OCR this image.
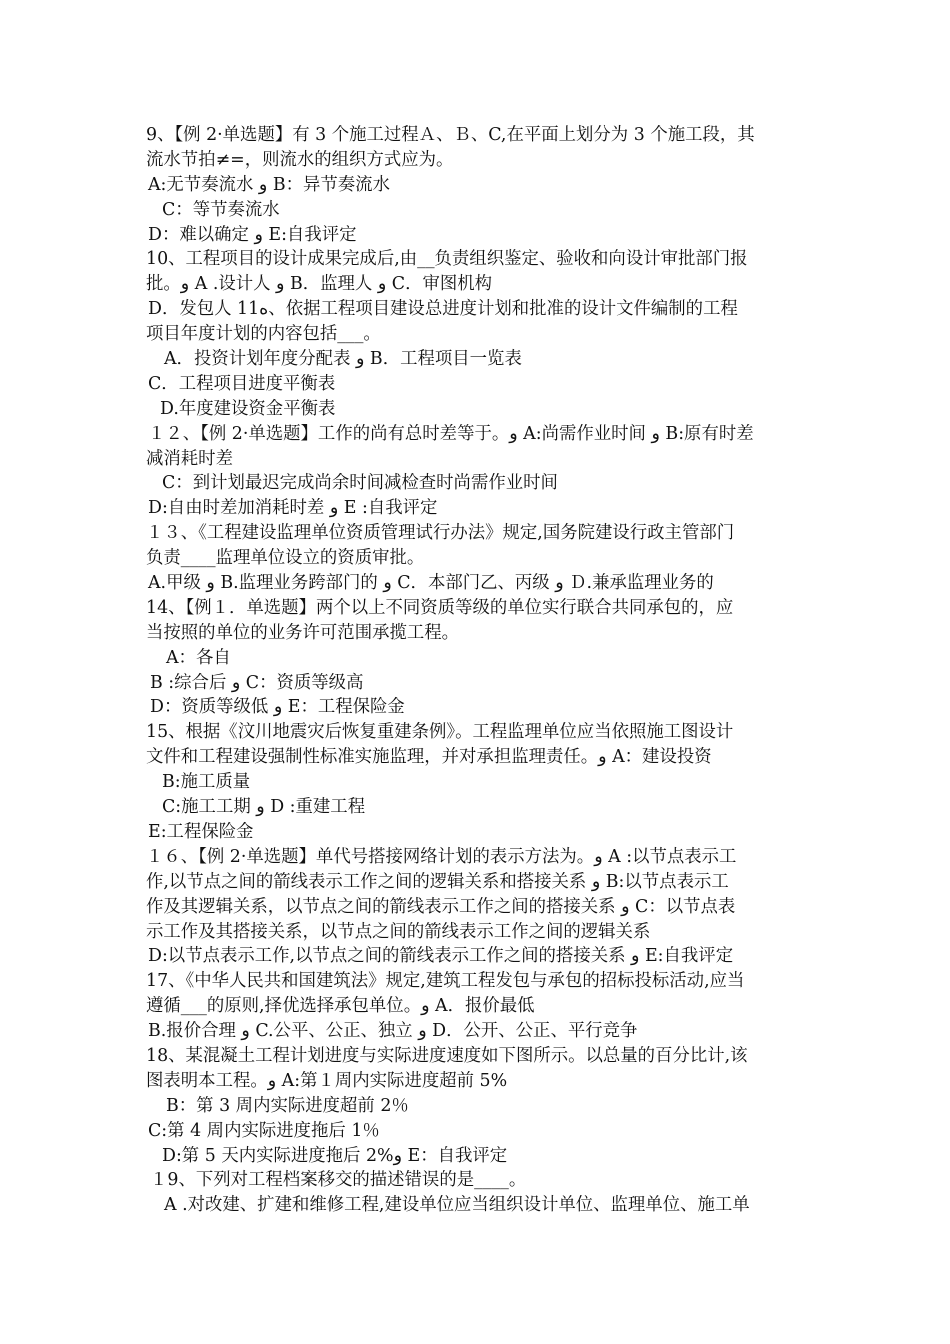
9、【例 2·单选题】有 3 个施工过程Ａ、Ｂ、C,在平面上划分为 3 个施工段，其
流水节拍≠=，则流水的组织方式应为。
A:无节奏流水 و B：异节奏流水
C：等节奏流水
D：难以确定 و E:自我评定
10、工程项目的设计成果完成后,由__负责组织鉴定、验收和向设计审批部门报
批。و A .设计人 و B．监理人 و C．审图机构
D．发包人 11ه、依据工程项目建设总进度计划和批准的设计文件编制的工程
项目年度计划的内容包括___。
A．投资计划年度分配表 و B．工程项目一览表
C．工程项目进度平衡表
D.年度建设资金平衡表
１２、【例 2·单选题】工作的尚有总时差等于。و A:尚需作业时间 و B:原有时差
减消耗时差
C：到计划最迟完成尚余时间减检查时尚需作业时间
D:自由时差加消耗时差 و E :自我评定
１３、《工程建设监理单位资质管理试行办法》规定,国务院建设行政主管部门
负责____监理单位设立的资质审批。
A.甲级 و B.监理业务跨部门的 و C．本部门乙、丙级 و Ｄ.兼承监理业务的
14、【例１．单选题】两个以上不同资质等级的单位实行联合共同承包的，应
当按照的单位的业务许可范围承揽工程。
A：各自
B :综合后 و C：资质等级高
D：资质等级低 و E：工程保险金
15、根据《汶川地震灾后恢复重建条例》。工程监理单位应当依照施工图设计
文件和工程建设强制性标准实施监理，并对承担监理责任。و A：建设投资
B:施工质量
C:施工工期 و D :重建工程
E:工程保险金
１６、【例 2·单选题】单代号搭接网络计划的表示方法为。و A :以节点表示工
作,以节点之间的箭线表示工作之间的逻辑关系和搭接关系 و B:以节点表示工
作及其逻辑关系，以节点之间的箭线表示工作之间的搭接关系 و C：以节点表
示工作及其搭接关系，以节点之间的箭线表示工作之间的逻辑关系
D:以节点表示工作,以节点之间的箭线表示工作之间的搭接关系 و E:自我评定
17、《中华人民共和国建筑法》规定,建筑工程发包与承包的招标投标活动,应当
遵循___的原则,择优选择承包单位。و A．报价最低
B.报价合理 و C.公平、公正、独立 و D．公开、公正、平行竞争
18、某混凝土工程计划进度与实际进度速度如下图所示。以总量的百分比计,该
图表明本工程。و A:第１周内实际进度超前 5%
B：第 3 周内实际进度超前 2％
C:第 4 周内实际进度拖后 1％
D:第 5 天内实际进度拖后 2%و E：自我评定
１9、下列对工程档案移交的描述错误的是____。
A .对改建、扩建和维修工程,建设单位应当组织设计单位、监理单位、施工单
